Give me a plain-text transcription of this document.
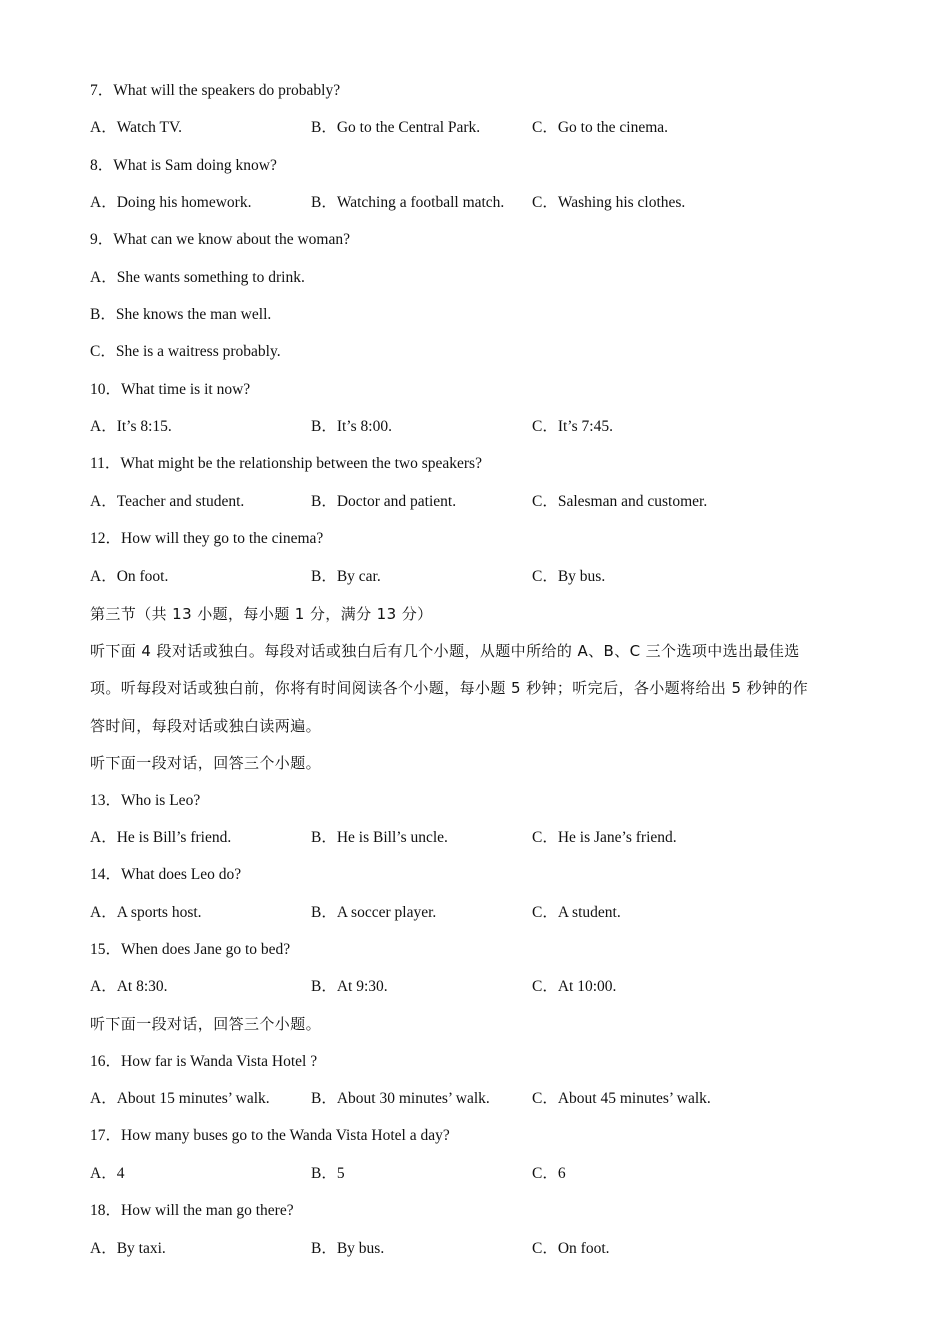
7．What will the speakers do probably?
A．Watch TV.	B．Go to the Central Park.	C．Go to the cinema.
8．What is Sam doing know?
A．Doing his homework.	B．Watching a football match. C．Washing his clothes.
9．What can we know about the woman?
A．She wants something to drink.
B．She knows the man well.
C．She is a waitress probably.
10．What time is it now?
A．It’s 8:15.	B．It’s 8:00.	C．It’s 7:45.
11．What might be the relationship between the two speakers?
A．Teacher and student.	B．Doctor and patient.	C．Salesman and customer.
12．How will they go to the cinema?
A．On foot.	B．By car.	C．By bus.
第三节（共 13 小题，每小题 1 分，满分 13 分）
听下面 4 段对话或独白。每段对话或独白后有几个小题，从题中所给的 A、B、C 三个选项中选出最佳选
项。听每段对话或独白前，你将有时间阅读各个小题，每小题 5 秒钟；听完后，各小题将给出 5 秒钟的作
答时间，每段对话或独白读两遍。
听下面一段对话，回答三个小题。
13．Who is Leo?
A．He is Bill’s friend.	B．He is Bill’s uncle.	C．He is Jane’s friend.
14．What does Leo do?
A．A sports host.	B．A soccer player.	C．A student.
15．When does Jane go to bed?
A．At 8:30.	B．At 9:30.	C．At 10:00.
听下面一段对话，回答三个小题。
16．How far is Wanda Vista Hotel ?
A．About 15 minutes’ walk.	B．About 30 minutes’ walk.	C．About 45 minutes’ walk.
17．How many buses go to the Wanda Vista Hotel a day?
A．4	B．5	C．6
18．How will the man go there?
A．By taxi.	B．By bus.	C．On foot.
